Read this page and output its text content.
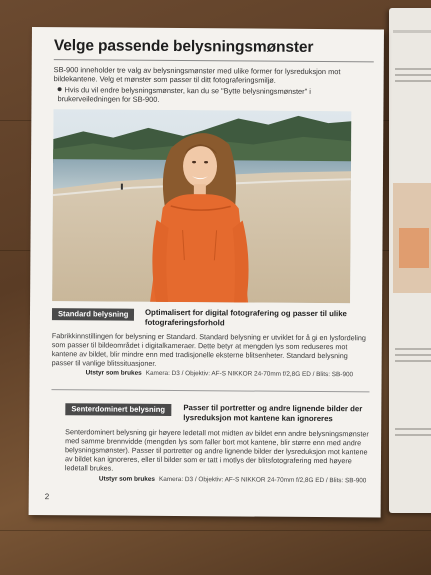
Velge passende belysningsmønster
SB-900 inneholder tre valg av belysningsmønster med ulike former for lysreduksjon mot bildekantene. Velg et mønster som passer til ditt fotograferingsmiljø.
Hvis du vil endre belysningsmønster, kan du se "Bytte belysningsmønster" i brukerveiledningen for SB-900.
Standard belysning	Optimalisert for digital fotografering og passer til ulike fotograferingsforhold
Fabrikkinnstillingen for belysning er Standard. Standard belysning er utviklet for å gi en lysfordeling som passer til bildeområdet i digitalkameraer. Dette betyr at mengden lys som reduseres mot kantene av bildet, blir mindre enn med tradisjonelle eksterne blitsenheter. Standard belysning passer til vanlige blitssituasjoner.
Utstyr som brukes Kamera: D3 / Objektiv: AF-S NIKKOR 24-70mm f/2,8G ED / Blits: SB-900
Senterdominert belysning	Passer til portretter og andre lignende bilder der lysreduksjon mot kantene kan ignoreres
Senterdominert belysning gir høyere ledetall mot midten av bildet enn andre belysningsmønster med samme brennvidde (mengden lys som faller bort mot kantene, blir større enn med andre belysningsmønster). Passer til portretter og andre lignende bilder der lysreduksjon mot kantene av bildet kan ignoreres, eller til bilder som er tatt i motlys der blitsfotografering med høyere ledetall brukes.
Utstyr som brukes Kamera: D3 / Objektiv: AF-S NIKKOR 24-70mm f/2,8G ED / Blits: SB-900
2
